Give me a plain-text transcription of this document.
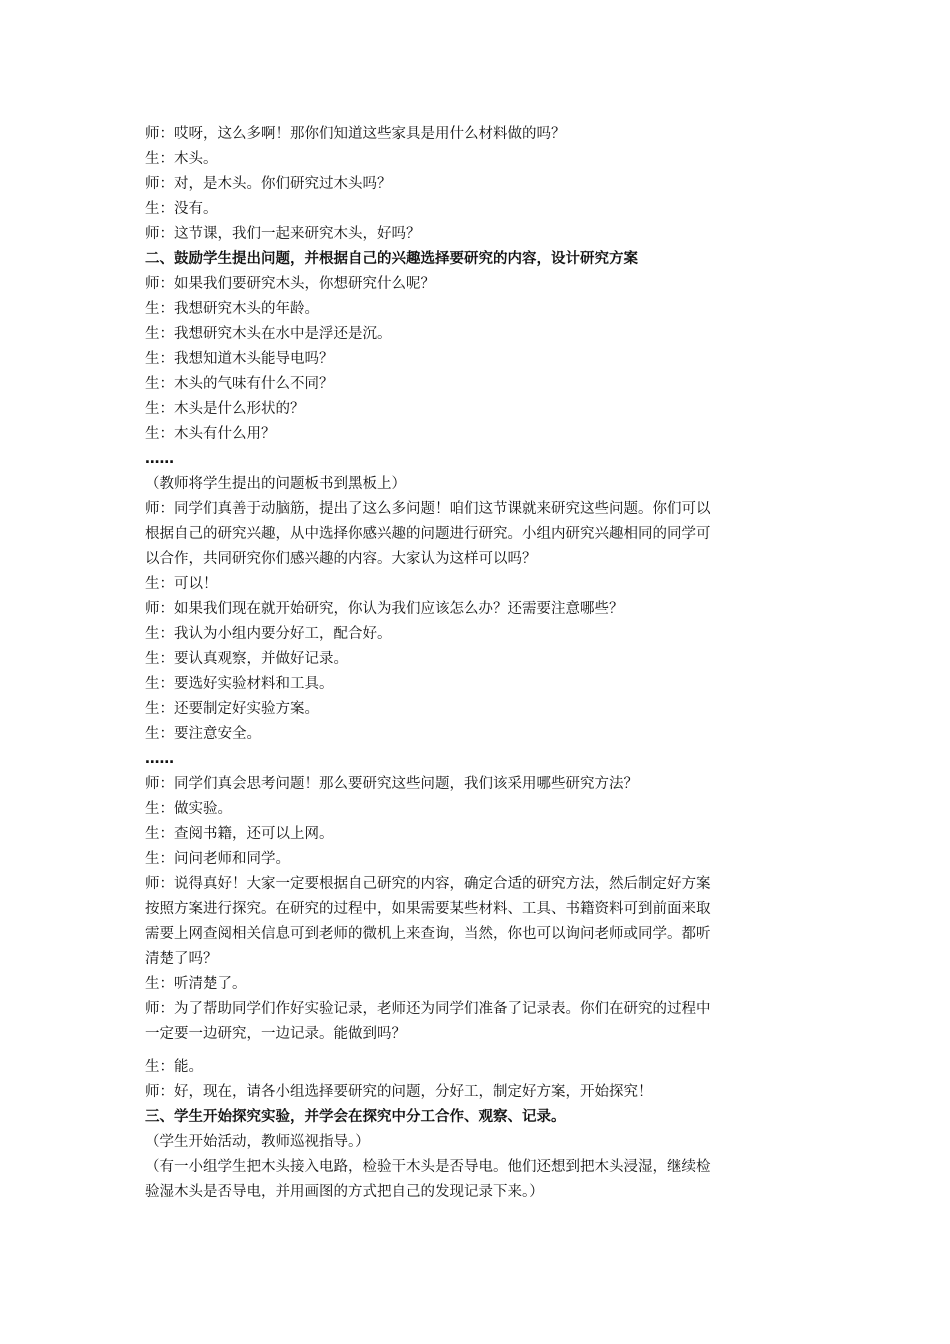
师：哎呀，这么多啊！那你们知道这些家具是用什么材料做的吗？

生：木头。

师：对，是木头。你们研究过木头吗？

生：没有。

师：这节课，我们一起来研究木头，好吗？

二、鼓励学生提出问题，并根据自己的兴趣选择要研究的内容，设计研究方案

师：如果我们要研究木头，你想研究什么呢？

生：我想研究木头的年龄。

生：我想研究木头在水中是浮还是沉。

生：我想知道木头能导电吗？

生：木头的气味有什么不同？

生：木头是什么形状的？

生：木头有什么用？

……

（教师将学生提出的问题板书到黑板上）

师：同学们真善于动脑筋，提出了这么多问题！咱们这节课就来研究这些问题。你们可以

根据自己的研究兴趣，从中选择你感兴趣的问题进行研究。小组内研究兴趣相同的同学可

以合作，共同研究你们感兴趣的内容。大家认为这样可以吗？

生：可以！

师：如果我们现在就开始研究，你认为我们应该怎么办？还需要注意哪些？

生：我认为小组内要分好工，配合好。

生：要认真观察，并做好记录。

生：要选好实验材料和工具。

生：还要制定好实验方案。

生：要注意安全。

……

师：同学们真会思考问题！那么要研究这些问题，我们该采用哪些研究方法？

生：做实验。

生：查阅书籍，还可以上网。

生：问问老师和同学。

师：说得真好！大家一定要根据自己研究的内容，确定合适的研究方法，然后制定好方案

按照方案进行探究。在研究的过程中，如果需要某些材料、工具、书籍资料可到前面来取

需要上网查阅相关信息可到老师的微机上来查询，当然，你也可以询问老师或同学。都听

清楚了吗？

生：听清楚了。

师：为了帮助同学们作好实验记录，老师还为同学们准备了记录表。你们在研究的过程中

一定要一边研究，一边记录。能做到吗？

生：能。

师：好，现在，请各小组选择要研究的问题，分好工，制定好方案，开始探究！

三、学生开始探究实验，并学会在探究中分工合作、观察、记录。

（学生开始活动，教师巡视指导。）

（有一小组学生把木头接入电路，检验干木头是否导电。他们还想到把木头浸湿，继续检

验湿木头是否导电，并用画图的方式把自己的发现记录下来。）
